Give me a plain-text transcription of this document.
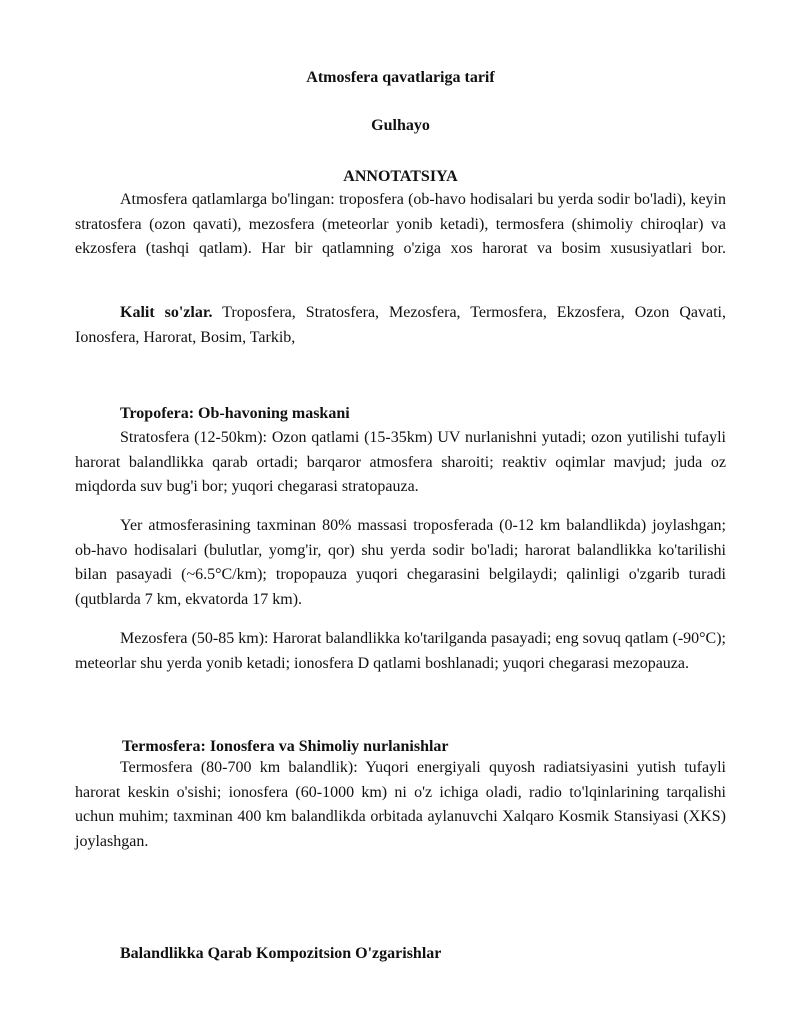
Atmosfera qavatlariga tarif
Gulhayo
ANNOTATSIYA
Atmosfera qatlamlarga bo'lingan: troposfera (ob-havo hodisalari bu yerda sodir bo'ladi), keyin stratosfera (ozon qavati), mezosfera (meteorlar yonib ketadi), termosfera (shimoliy chiroqlar) va ekzosfera (tashqi qatlam). Har bir qatlamning o'ziga xos harorat va bosim xususiyatlari bor.
Kalit so'zlar. Troposfera, Stratosfera, Mezosfera, Termosfera, Ekzosfera, Ozon Qavati, Ionosfera, Harorat, Bosim, Tarkib,
Tropofera: Ob-havoning maskani
Stratosfera (12-50km): Ozon qatlami (15-35km) UV nurlanishni yutadi; ozon yutilishi tufayli harorat balandlikka qarab ortadi; barqaror atmosfera sharoiti; reaktiv oqimlar mavjud; juda oz miqdorda suv bug'i bor; yuqori chegarasi stratopauza.
Yer atmosferasining taxminan 80% massasi troposferada (0-12 km balandlikda) joylashgan; ob-havo hodisalari (bulutlar, yomg'ir, qor) shu yerda sodir bo'ladi; harorat balandlikka ko'tarilishi bilan pasayadi (~6.5°C/km); tropopauza yuqori chegarasini belgilaydi; qalinligi o'zgarib turadi (qutblarda 7 km, ekvatorda 17 km).
Mezosfera (50-85 km): Harorat balandlikka ko'tarilganda pasayadi; eng sovuq qatlam (-90°C); meteorlar shu yerda yonib ketadi; ionosfera D qatlami boshlanadi; yuqori chegarasi mezopauza.
Termosfera: Ionosfera va Shimoliy nurlanishlar
Termosfera (80-700 km balandlik): Yuqori energiyali quyosh radiatsiyasini yutish tufayli harorat keskin o'sishi; ionosfera (60-1000 km) ni o'z ichiga oladi, radio to'lqinlarining tarqalishi uchun muhim; taxminan 400 km balandlikda orbitada aylanuvchi Xalqaro Kosmik Stansiyasi (XKS) joylashgan.
Balandlikka Qarab Kompozitsion O'zgarishlar
